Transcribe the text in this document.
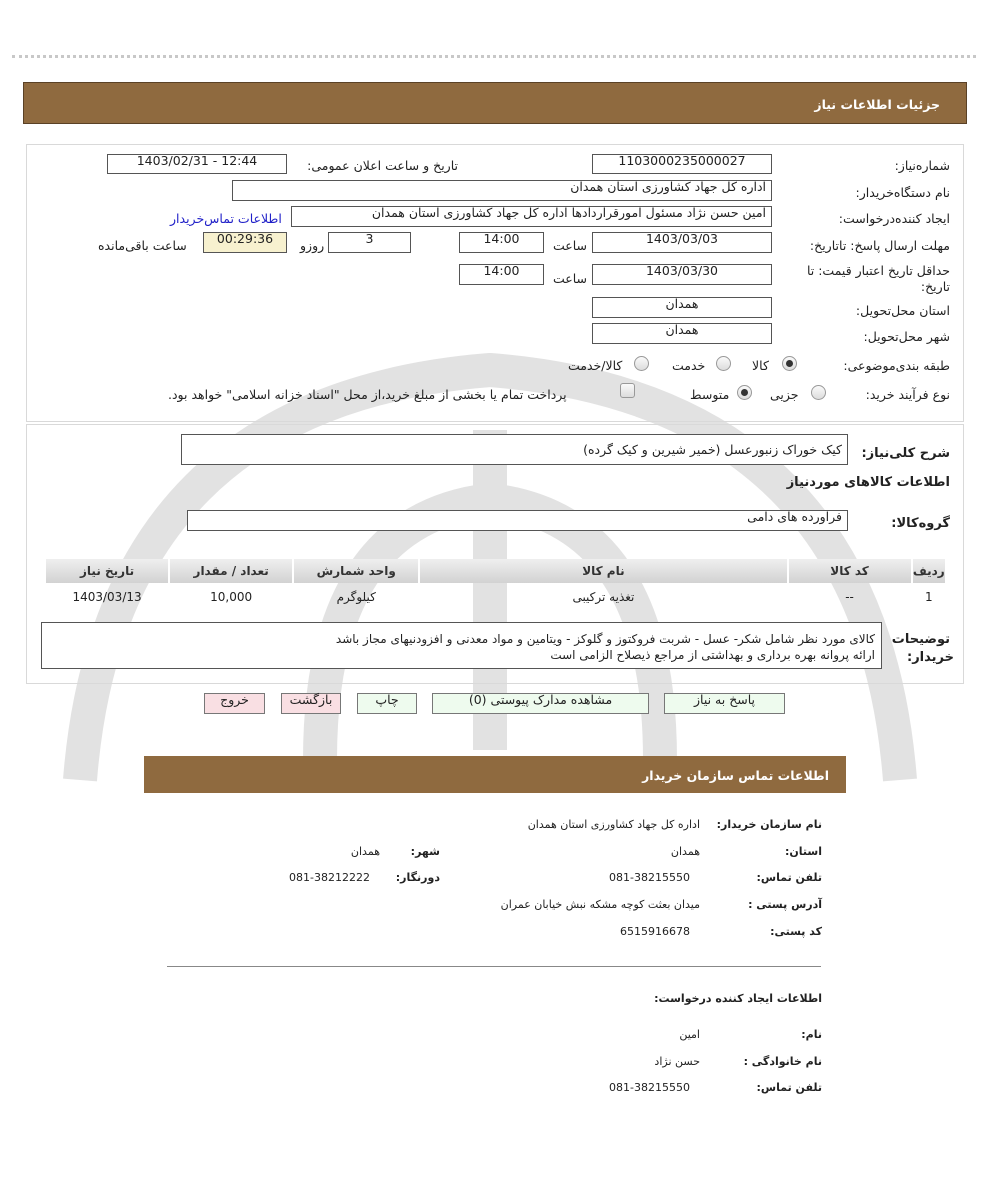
جزئیات اطلاعات نیاز
شماره‌نیاز:
1103000235000027
تاریخ و ساعت اعلان عمومی:
1403/02/31 - 12:44
نام دستگاه‌خریدار:
اداره کل جهاد کشاورزی استان همدان
ایجاد کننده‌درخواست:
امین حسن نژاد مسئول امورقراردادها اداره کل جهاد کشاورزی استان همدان
اطلاعات تماس‌خریدار
مهلت ارسال پاسخ: تاتاریخ:
1403/03/03
ساعت
14:00
3
روزو
00:29:36
ساعت باقی‌مانده
حداقل تاریخ اعتبار قیمت: تا
تاریخ:
1403/03/30
ساعت
14:00
استان محل‌تحویل:
همدان
شهر محل‌تحویل:
همدان
طبقه بندی‌موضوعی:
کالا
خدمت
کالا/خدمت
نوع فرآیند خرید:
جزیی
متوسط
پرداخت تمام یا بخشی از مبلغ خرید،از محل "اسناد خزانه اسلامی" خواهد بود.
شرح کلی‌نیاز:
کیک خوراک زنبورعسل (خمیر شیرین و کیک گرده)
اطلاعات کالاهای موردنیاز
گروه‌کالا:
فراورده های دامی
ردیف	کد کالا	نام کالا	واحد شمارش	تعداد / مقدار	تاریخ نیاز
1	--	تغذیه ترکیبی	کیلوگرم	10,000	1403/03/13
توضیحات
خریدار:
کالای مورد نظر شامل شکر- عسل - شربت فروکتوز و گلوکز - ویتامین و مواد معدنی و افزودنیهای مجاز باشد
ارائه پروانه بهره برداری و بهداشتی از مراجع ذیصلاح الزامی است
پاسخ به نیاز
مشاهده مدارک پیوستی (0)
چاپ
بازگشت
خروج
اطلاعات تماس سازمان خریدار
نام سازمان خریدار:
اداره کل جهاد کشاورزی استان همدان
استان:
همدان
شهر:
همدان
تلفن تماس:
081-38215550
دورنگار:
081-38212222
آدرس پستی :
میدان بعثت کوچه مشکه نبش خیابان عمران
کد پستی:
6515916678
اطلاعات ایجاد کننده درخواست:
نام:
امین
نام خانوادگی :
حسن نژاد
تلفن تماس:
081-38215550
